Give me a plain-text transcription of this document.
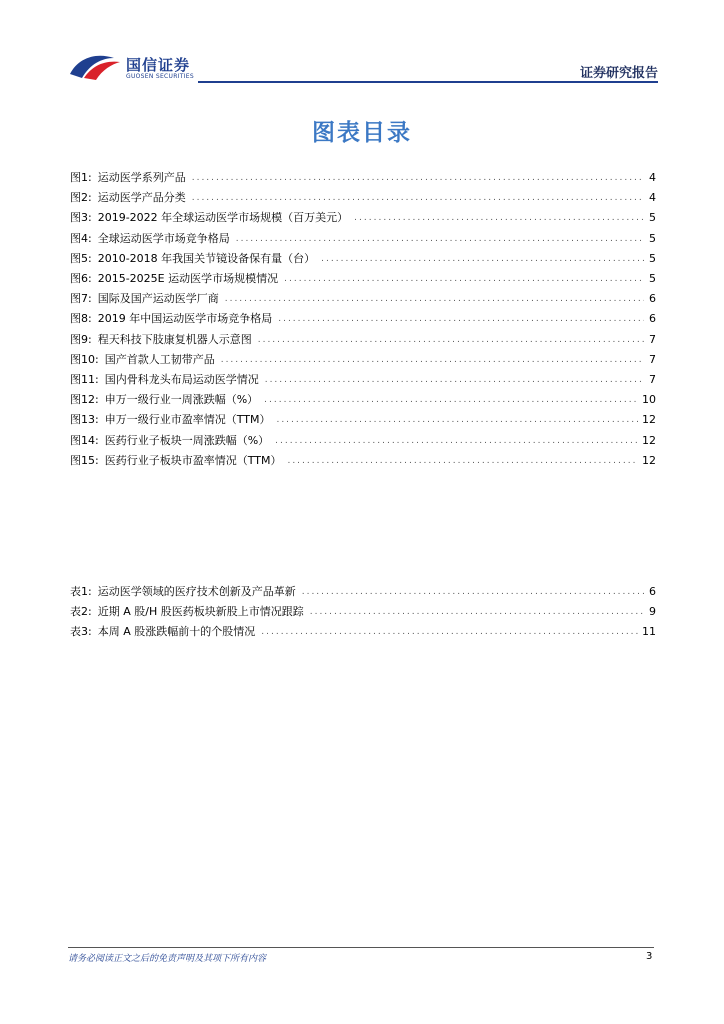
国信证券
GUOSEN SECURITIES	证券研究报告
图表目录
图1: 运动医学系列产品 .....	4
图2: 运动医学产品分类 .....	4
图3: 2019-2022 年全球运动医学市场规模（百万美元） .....	5
图4: 全球运动医学市场竞争格局 .....	5
图5: 2010-2018 年我国关节镜设备保有量（台） .....	5
图6: 2015-2025E 运动医学市场规模情况 .....	5
图7: 国际及国产运动医学厂商 .....	6
图8: 2019 年中国运动医学市场竞争格局 .....	6
图9: 程天科技下肢康复机器人示意图 .....	7
图10: 国产首款人工韧带产品 .....	7
图11: 国内骨科龙头布局运动医学情况 .....	7
图12: 申万一级行业一周涨跌幅（%） .....	10
图13: 申万一级行业市盈率情况（TTM） .....	12
图14: 医药行业子板块一周涨跌幅（%） .....	12
图15: 医药行业子板块市盈率情况（TTM） .....	12
表1: 运动医学领域的医疗技术创新及产品革新 .....	6
表2: 近期 A 股/H 股医药板块新股上市情况跟踪 .....	9
表3: 本周 A 股涨跌幅前十的个股情况 .....	11
请务必阅读正文之后的免责声明及其项下所有内容	3
